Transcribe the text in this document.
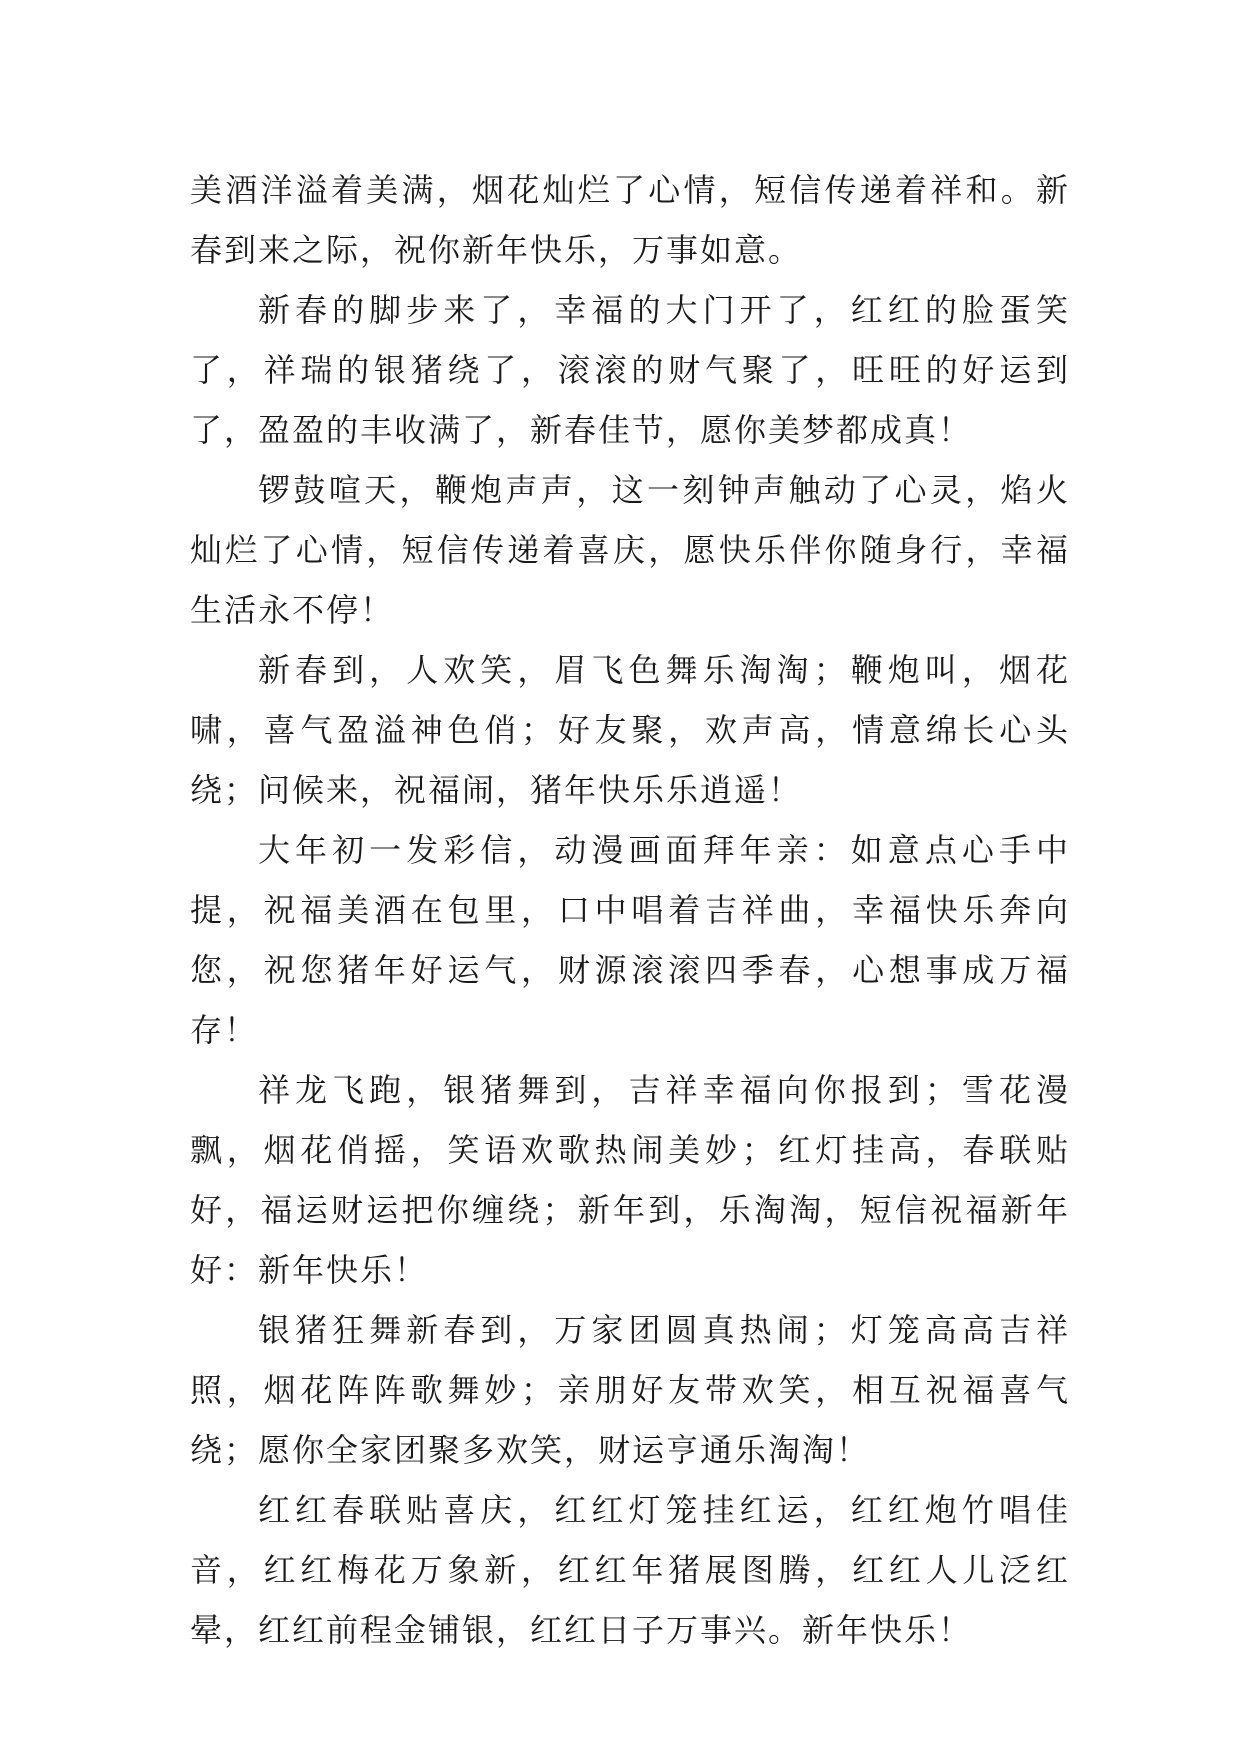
美酒洋溢着美满，烟花灿烂了心情，短信传递着祥和。新春到来之际，祝你新年快乐，万事如意。

新春的脚步来了，幸福的大门开了，红红的脸蛋笑了，祥瑞的银猪绕了，滚滚的财气聚了，旺旺的好运到了，盈盈的丰收满了，新春佳节，愿你美梦都成真！

锣鼓喧天，鞭炮声声，这一刻钟声触动了心灵，焰火灿烂了心情，短信传递着喜庆，愿快乐伴你随身行，幸福生活永不停！

新春到，人欢笑，眉飞色舞乐淘淘；鞭炮叫，烟花啸，喜气盈溢神色俏；好友聚，欢声高，情意绵长心头绕；问候来，祝福闹，猪年快乐乐逍遥！

大年初一发彩信，动漫画面拜年亲：如意点心手中提，祝福美酒在包里，口中唱着吉祥曲，幸福快乐奔向您，祝您猪年好运气，财源滚滚四季春，心想事成万福存！

祥龙飞跑，银猪舞到，吉祥幸福向你报到；雪花漫飘，烟花俏摇，笑语欢歌热闹美妙；红灯挂高，春联贴好，福运财运把你缠绕；新年到，乐淘淘，短信祝福新年好：新年快乐！

银猪狂舞新春到，万家团圆真热闹；灯笼高高吉祥照，烟花阵阵歌舞妙；亲朋好友带欢笑，相互祝福喜气绕；愿你全家团聚多欢笑，财运亨通乐淘淘！

红红春联贴喜庆，红红灯笼挂红运，红红炮竹唱佳音，红红梅花万象新，红红年猪展图腾，红红人儿泛红晕，红红前程金铺银，红红日子万事兴。新年快乐！
